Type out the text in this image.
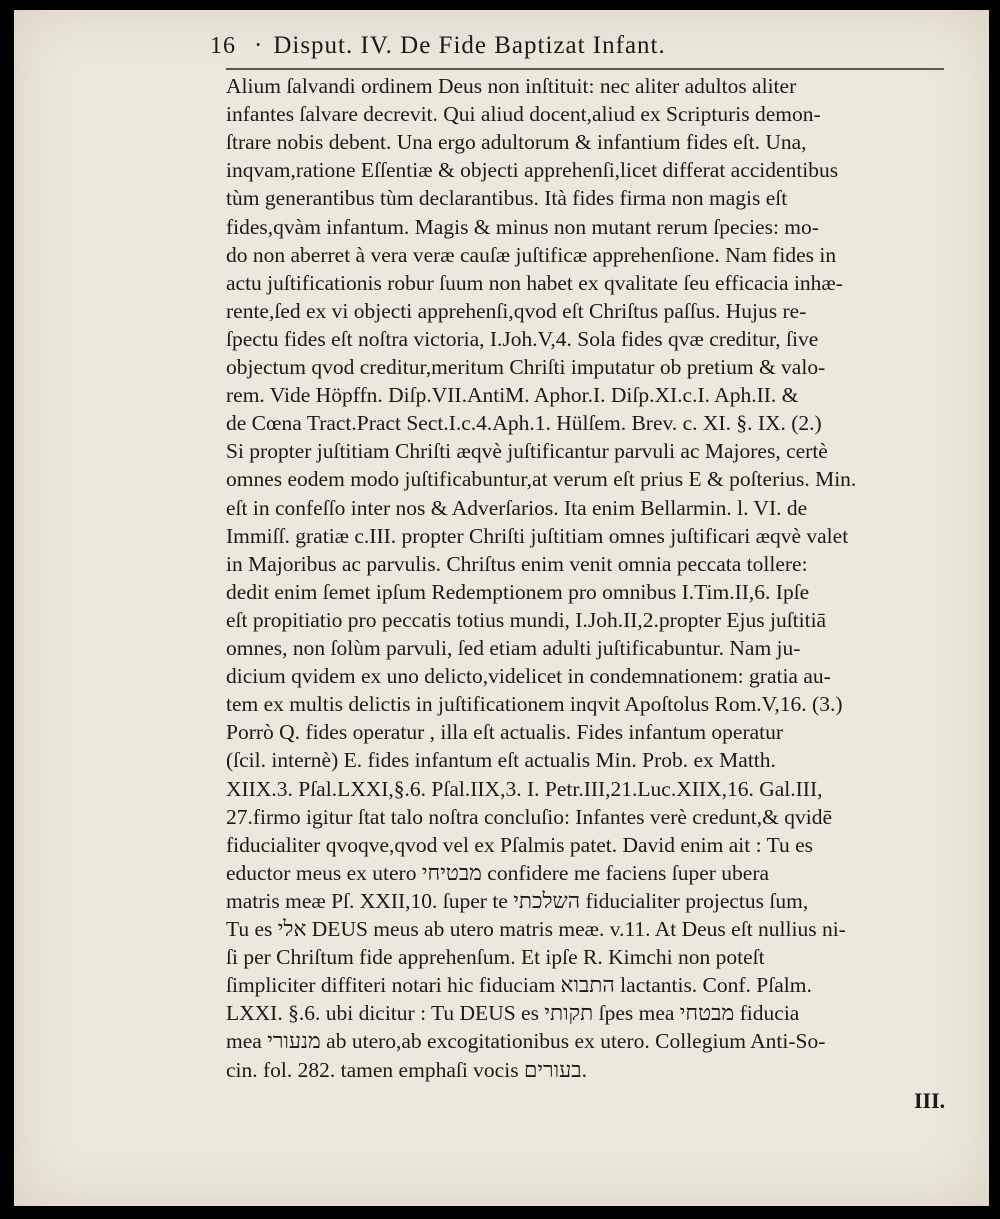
16 · Disput. IV. De Fide Baptizat Infant.
Alium ſalvandi ordinem Deus non inſtituit: nec aliter adultos aliter
infantes ſalvare decrevit. Qui aliud docent,aliud ex Scripturis demon-
ſtrare nobis debent. Una ergo adultorum & infantium fides eſt. Una,
inqvam,ratione Eſſentiæ & objecti apprehenſi,licet differat accidentibus
tùm generantibus tùm declarantibus. Ità fides firma non magis eſt
fides,qvàm infantum. Magis & minus non mutant rerum ſpecies: mo-
do non aberret à vera veræ cauſæ juſtificæ apprehenſione. Nam fides in
actu juſtificationis robur ſuum non habet ex qvalitate ſeu efficacia inhæ-
rente,ſed ex vi objecti apprehenſi,qvod eſt Chriſtus paſſus. Hujus re-
ſpectu fides eſt noſtra victoria, I.Joh.V,4. Sola fides qvæ creditur, ſive
objectum qvod creditur,meritum Chriſti imputatur ob pretium & valo-
rem. Vide Höpffn. Diſp.VII.AntiM. Aphor.I. Diſp.XI.c.I. Aph.II. &
de Cœna Tract.Pract Sect.I.c.4.Aph.1. Hülſem. Brev. c. XI. §. IX. (2.)
Si propter juſtitiam Chriſti æqvè juſtificantur parvuli ac Majores, certè
omnes eodem modo juſtificabuntur,at verum eſt prius E & poſterius. Min.
eſt in confeſſo inter nos & Adverſarios. Ita enim Bellarmin. l. VI. de
Immiſſ. gratiæ c.III. propter Chriſti juſtitiam omnes juſtificari æqvè valet
in Majoribus ac parvulis. Chriſtus enim venit omnia peccata tollere:
dedit enim ſemet ipſum Redemptionem pro omnibus I.Tim.II,6. Ipſe
eſt propitiatio pro peccatis totius mundi, I.Joh.II,2.propter Ejus juſtitiā
omnes, non ſolùm parvuli, ſed etiam adulti juſtificabuntur. Nam ju-
dicium qvidem ex uno delicto,videlicet in condemnationem: gratia au-
tem ex multis delictis in juſtificationem inqvit Apoſtolus Rom.V,16. (3.)
Porrò Q. fides operatur , illa eſt actualis. Fides infantum operatur
(ſcil. internè) E. fides infantum eſt actualis Min. Prob. ex Matth.
XIIX.3. Pſal.LXXI,§.6. Pſal.IIX,3. I. Petr.III,21.Luc.XIIX,16. Gal.III,
27.firmo igitur ſtat talo noſtra concluſio: Infantes verè credunt,& qvidē
fiducialiter qvoqve,qvod vel ex Pſalmis patet. David enim ait : Tu es
eductor meus ex utero מבטיחי confidere me faciens ſuper ubera
matris meæ Pſ. XXII,10. ſuper te השלכתי fiducialiter projectus ſum,
Tu es אלי DEUS meus ab utero matris meæ. v.11. At Deus eſt nullius ni-
ſi per Chriſtum fide apprehenſum. Et ipſe R. Kimchi non poteſt
ſimpliciter diffiteri notari hic fiduciam התבוא lactantis. Conf. Pſalm.
LXXI. §.6. ubi dicitur : Tu DEUS es תקותי ſpes mea מבטחי fiducia
mea מנעורי ab utero,ab excogitationibus ex utero. Collegium Anti-So-
cin. fol. 282. tamen emphaſi vocis בעורים.
III.
